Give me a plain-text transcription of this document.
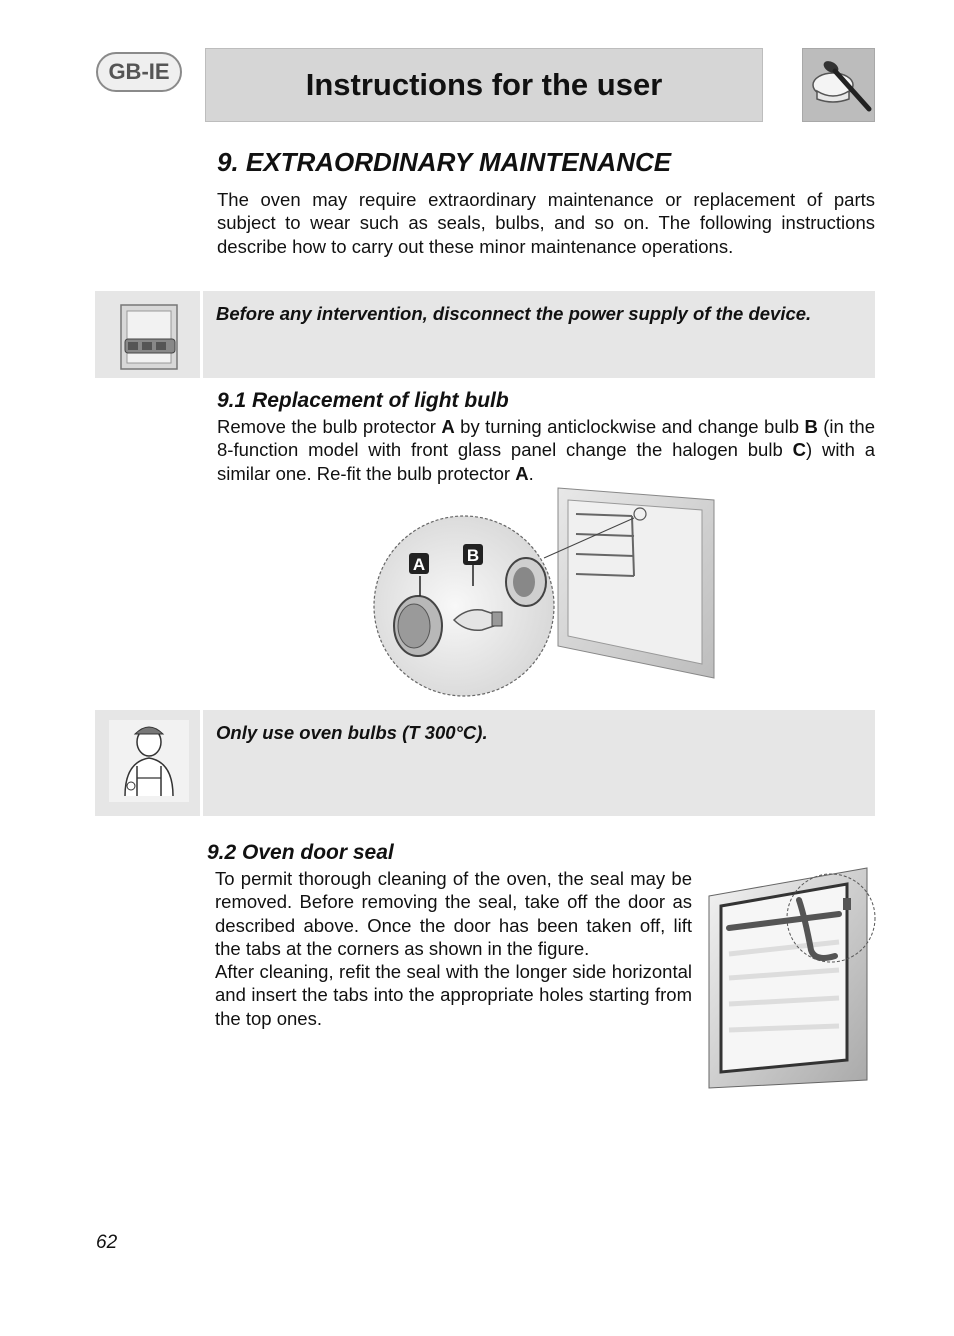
GB-IE	Instructions for the user
9. EXTRAORDINARY MAINTENANCE

The oven may require extraordinary maintenance or replacement of parts subject to wear such as seals, bulbs, and so on. The following instructions describe how to carry out these minor maintenance operations.

Before any intervention, disconnect the power supply of the device.
9.1 Replacement of light bulb

Remove the bulb protector A by turning anticlockwise and change bulb B (in the 8-function model with front glass panel change the halogen bulb C) with a similar one. Re-fit the bulb protector A.

A B
Only use oven bulbs (T 300°C).
9.2 Oven door seal

To permit thorough cleaning of the oven, the seal may be removed. Before removing the seal, take off the door as described above. Once the door has been taken off, lift the tabs at the corners as shown in the figure.

After cleaning, refit the seal with the longer side horizontal and insert the tabs into the appropriate holes starting from the top ones.

62
